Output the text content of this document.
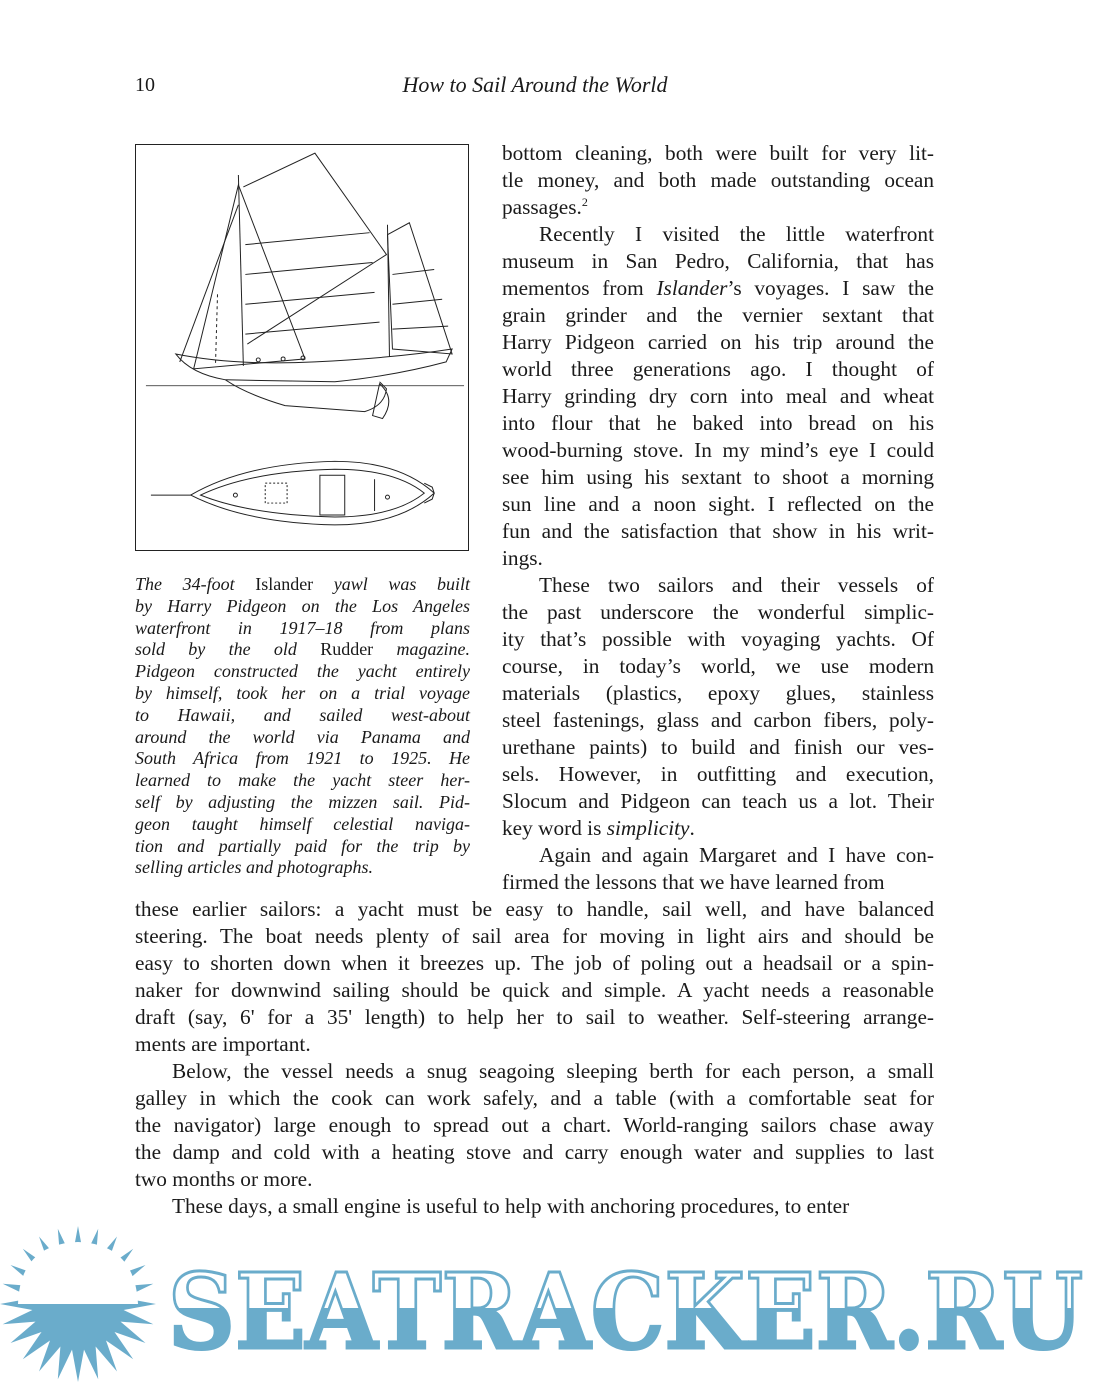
10	How to Sail Around the World
The 34-foot Islander yawl was built
by Harry Pidgeon on the Los Angeles
waterfront in 1917–18 from plans
sold by the old Rudder magazine.
Pidgeon constructed the yacht entirely
by himself, took her on a trial voyage
to Hawaii, and sailed west-about
around the world via Panama and
South Africa from 1921 to 1925. He
learned to make the yacht steer her-
self by adjusting the mizzen sail. Pid-
geon taught himself celestial naviga-
tion and partially paid for the trip by
selling articles and photographs.
bottom cleaning, both were built for very lit-
tle money, and both made outstanding ocean
passages.$^2$
Recently I visited the little waterfront
museum in San Pedro, California, that has
mementos from Islander’s voyages. I saw the
grain grinder and the vernier sextant that
Harry Pidgeon carried on his trip around the
world three generations ago. I thought of
Harry grinding dry corn into meal and wheat
into flour that he baked into bread on his
wood-burning stove. In my mind’s eye I could
see him using his sextant to shoot a morning
sun line and a noon sight. I reflected on the
fun and the satisfaction that show in his writ-
ings.
These two sailors and their vessels of
the past underscore the wonderful simplic-
ity that’s possible with voyaging yachts. Of
course, in today’s world, we use modern
materials (plastics, epoxy glues, stainless
steel fastenings, glass and carbon fibers, poly-
urethane paints) to build and finish our ves-
sels. However, in outfitting and execution,
Slocum and Pidgeon can teach us a lot. Their
key word is simplicity.
Again and again Margaret and I have con-
firmed the lessons that we have learned from
these earlier sailors: a yacht must be easy to handle, sail well, and have balanced
steering. The boat needs plenty of sail area for moving in light airs and should be
easy to shorten down when it breezes up. The job of poling out a headsail or a spin-
naker for downwind sailing should be quick and simple. A yacht needs a reasonable
draft (say, 6' for a 35' length) to help her to sail to weather. Self-steering arrange-
ments are important.
Below, the vessel needs a snug seagoing sleeping berth for each person, a small
galley in which the cook can work safely, and a table (with a comfortable seat for
the navigator) large enough to spread out a chart. World-ranging sailors chase away
the damp and cold with a heating stove and carry enough water and supplies to last
two months or more.
These days, a small engine is useful to help with anchoring procedures, to enter
SEATRACKER.RU
